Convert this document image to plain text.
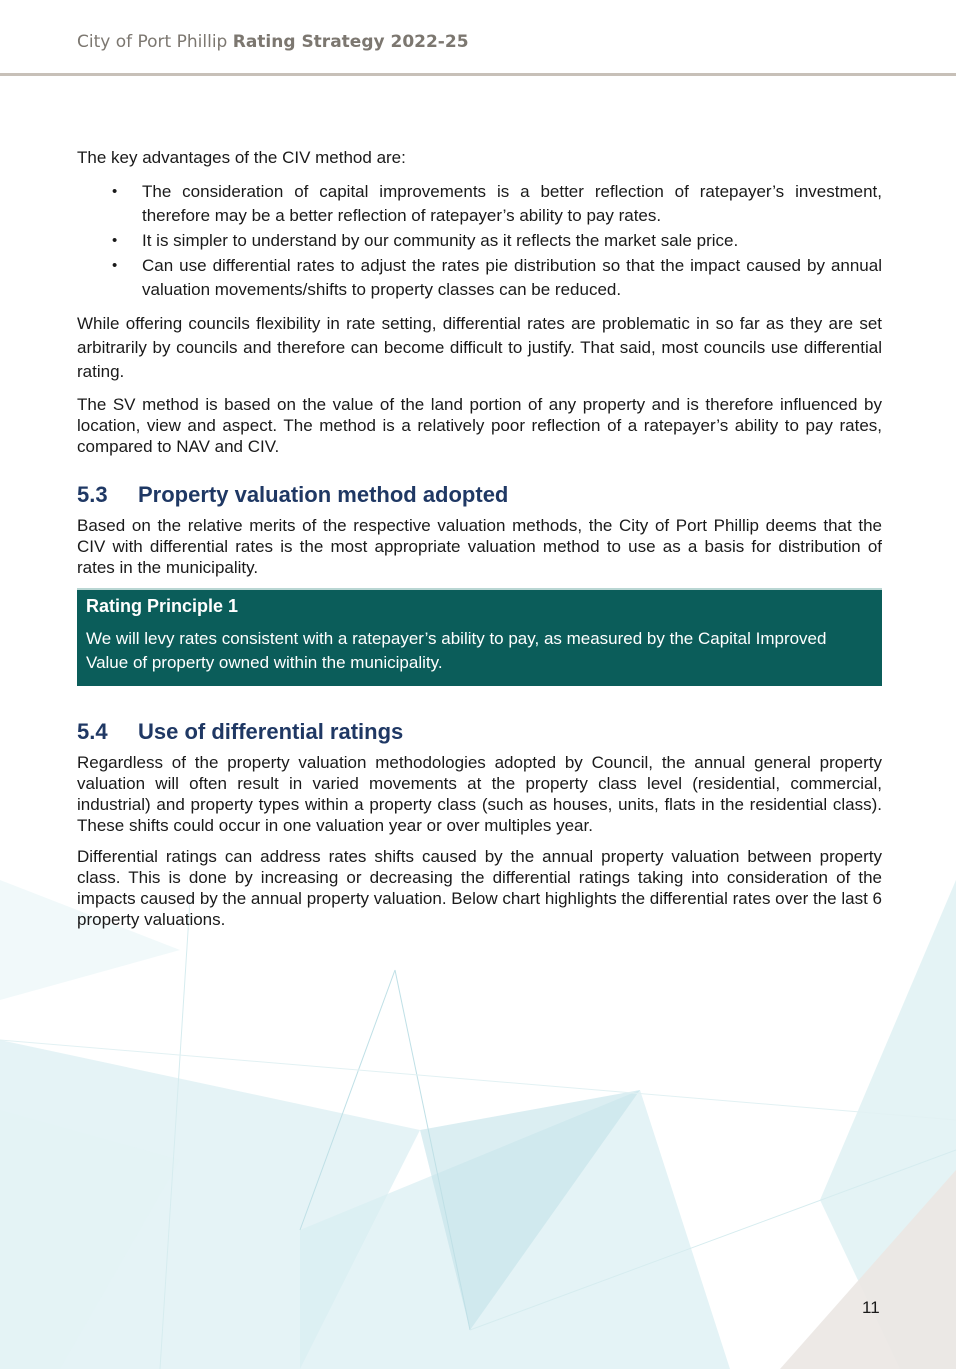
City of Port Phillip Rating Strategy 2022-25

The key advantages of the CIV method are:

• The consideration of capital improvements is a better reflection of ratepayer’s investment, therefore may be a better reflection of ratepayer’s ability to pay rates.
• It is simpler to understand by our community as it reflects the market sale price.
• Can use differential rates to adjust the rates pie distribution so that the impact caused by annual valuation movements/shifts to property classes can be reduced.

While offering councils flexibility in rate setting, differential rates are problematic in so far as they are set arbitrarily by councils and therefore can become difficult to justify. That said, most councils use differential rating.

The SV method is based on the value of the land portion of any property and is therefore influenced by location, view and aspect. The method is a relatively poor reflection of a ratepayer’s ability to pay rates, compared to NAV and CIV.

5.3 Property valuation method adopted

Based on the relative merits of the respective valuation methods, the City of Port Phillip deems that the CIV with differential rates is the most appropriate valuation method to use as a basis for distribution of rates in the municipality.

Rating Principle 1
We will levy rates consistent with a ratepayer’s ability to pay, as measured by the Capital Improved Value of property owned within the municipality.
5.4 Use of differential ratings

Regardless of the property valuation methodologies adopted by Council, the annual general property valuation will often result in varied movements at the property class level (residential, commercial, industrial) and property types within a property class (such as houses, units, flats in the residential class). These shifts could occur in one valuation year or over multiples year.

Differential ratings can address rates shifts caused by the annual property valuation between property class. This is done by increasing or decreasing the differential ratings taking into consideration of the impacts caused by the annual property valuation. Below chart highlights the differential rates over the last 6 property valuations.

11
